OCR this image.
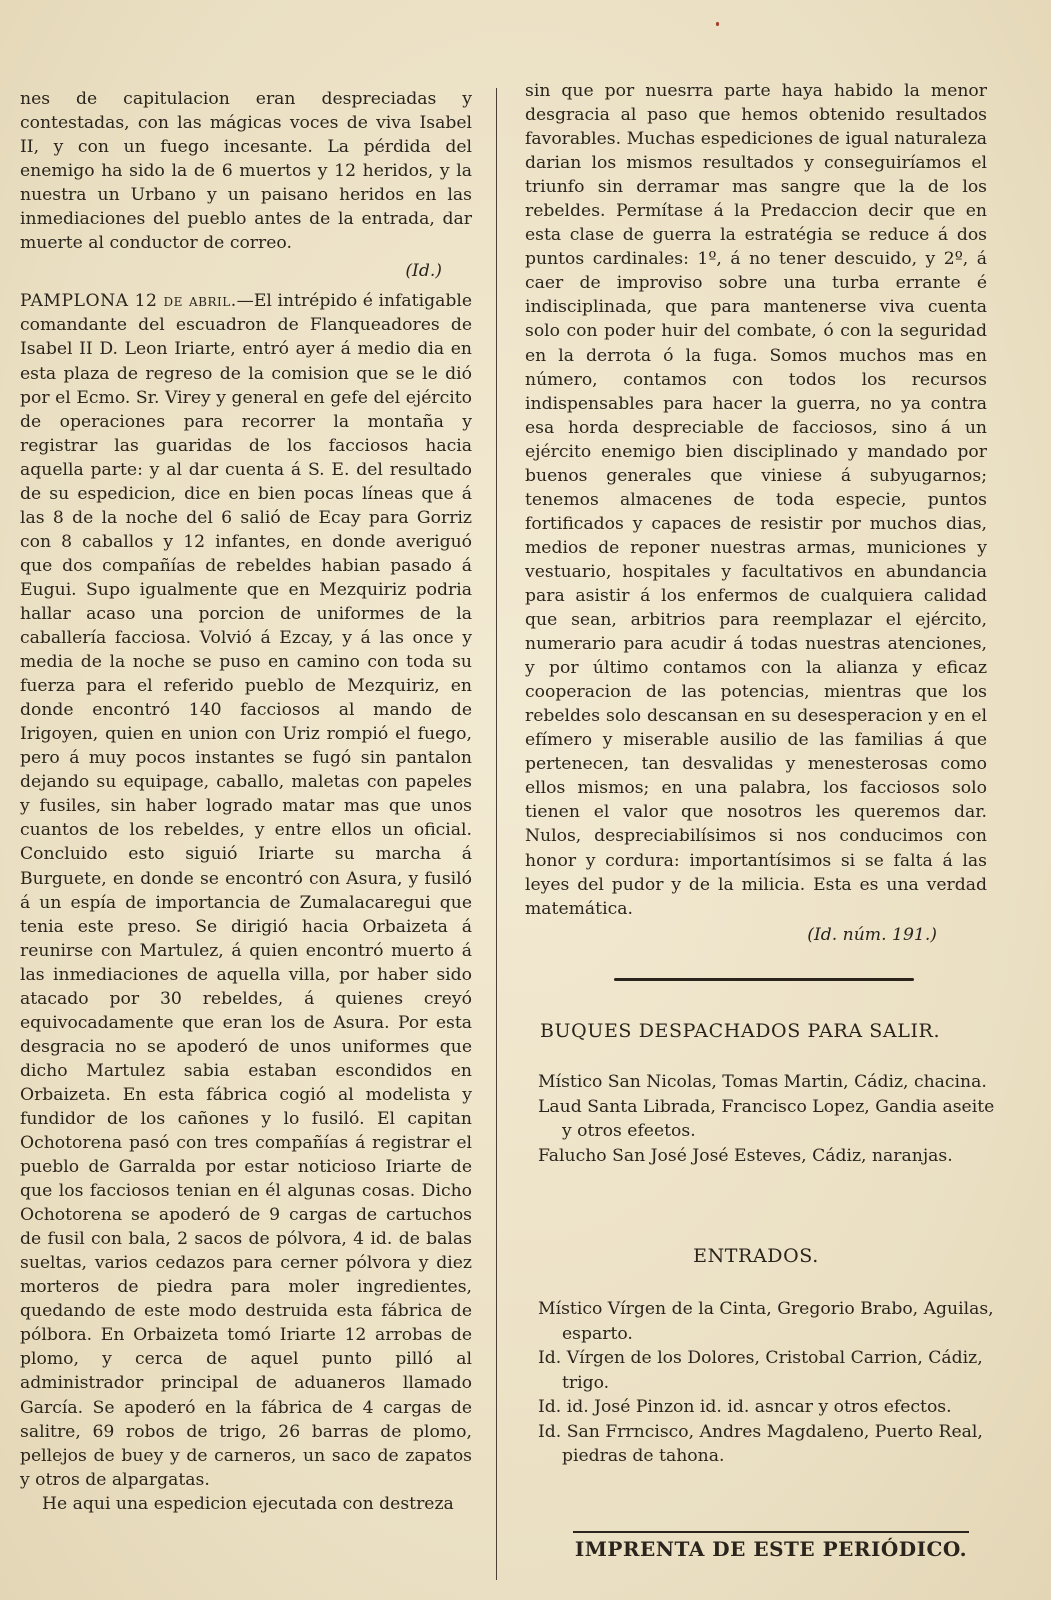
nes de capitulacion eran despreciadas y contestadas, con las mágicas voces de viva Isabel II, y con un fuego incesante. La pérdida del enemigo ha sido la de 6 muertos y 12 heridos, y la nuestra un Urbano y un paisano heridos en las inmediaciones del pueblo antes de la entrada, dar muerte al conductor de correo.

(Id.)

PAMPLONA 12 de abril.—El intrépido é infatigable comandante del escuadron de Flanqueadores de Isabel II D. Leon Iriarte, entró ayer á medio dia en esta plaza de regreso de la comision que se le dió por el Ecmo. Sr. Virey y general en gefe del ejército de operaciones para recorrer la montaña y registrar las guaridas de los facciosos hacia aquella parte: y al dar cuenta á S. E. del resultado de su espedicion, dice en bien pocas líneas que á las 8 de la noche del 6 salió de Ecay para Gorriz con 8 caballos y 12 infantes, en donde averiguó que dos compañías de rebeldes habian pasado á Eugui. Supo igualmente que en Mezquiriz podria hallar acaso una porcion de uniformes de la caballería facciosa. Volvió á Ezcay, y á las once y media de la noche se puso en camino con toda su fuerza para el referido pueblo de Mezquiriz, en donde encontró 140 facciosos al mando de Irigoyen, quien en union con Uriz rompió el fuego, pero á muy pocos instantes se fugó sin pantalon dejando su equipage, caballo, maletas con papeles y fusiles, sin haber logrado matar mas que unos cuantos de los rebeldes, y entre ellos un oficial. Concluido esto siguió Iriarte su marcha á Burguete, en donde se encontró con Asura, y fusiló á un espía de importancia de Zumalacaregui que tenia este preso. Se dirigió hacia Orbaizeta á reunirse con Martulez, á quien encontró muerto á las inmediaciones de aquella villa, por haber sido atacado por 30 rebeldes, á quienes creyó equivocadamente que eran los de Asura. Por esta desgracia no se apoderó de unos uniformes que dicho Martulez sabia estaban escondidos en Orbaizeta. En esta fábrica cogió al modelista y fundidor de los cañones y lo fusiló. El capitan Ochotorena pasó con tres compañías á registrar el pueblo de Garralda por estar noticioso Iriarte de que los facciosos tenian en él algunas cosas. Dicho Ochotorena se apoderó de 9 cargas de cartuchos de fusil con bala, 2 sacos de pólvora, 4 id. de balas sueltas, varios cedazos para cerner pólvora y diez morteros de piedra para moler ingredientes, quedando de este modo destruida esta fábrica de pólbora. En Orbaizeta tomó Iriarte 12 arrobas de plomo, y cerca de aquel punto pilló al administrador principal de aduaneros llamado García. Se apoderó en la fábrica de 4 cargas de salitre, 69 robos de trigo, 26 barras de plomo, pellejos de buey y de carneros, un saco de zapatos y otros de alpargatas.

He aqui una espedicion ejecutada con destreza

sin que por nuesrra parte haya habido la menor desgracia al paso que hemos obtenido resultados favorables. Muchas espediciones de igual naturaleza darian los mismos resultados y conseguiríamos el triunfo sin derramar mas sangre que la de los rebeldes. Permítase á la Predaccion decir que en esta clase de guerra la estratégia se reduce á dos puntos cardinales: 1º, á no tener descuido, y 2º, á caer de improviso sobre una turba errante é indisciplinada, que para mantenerse viva cuenta solo con poder huir del combate, ó con la seguridad en la derrota ó la fuga. Somos muchos mas en número, contamos con todos los recursos indispensables para hacer la guerra, no ya contra esa horda despreciable de facciosos, sino á un ejército enemigo bien disciplinado y mandado por buenos generales que viniese á subyugarnos; tenemos almacenes de toda especie, puntos fortificados y capaces de resistir por muchos dias, medios de reponer nuestras armas, municiones y vestuario, hospitales y facultativos en abundancia para asistir á los enfermos de cualquiera calidad que sean, arbitrios para reemplazar el ejército, numerario para acudir á todas nuestras atenciones, y por último contamos con la alianza y eficaz cooperacion de las potencias, mientras que los rebeldes solo descansan en su desesperacion y en el efímero y miserable ausilio de las familias á que pertenecen, tan desvalidas y menesterosas como ellos mismos; en una palabra, los facciosos solo tienen el valor que nosotros les queremos dar. Nulos, despreciabilísimos si nos conducimos con honor y cordura: importantísimos si se falta á las leyes del pudor y de la milicia. Esta es una verdad matemática.

(Id. núm. 191.)

BUQUES DESPACHADOS PARA SALIR.

Místico San Nicolas, Tomas Martin, Cádiz, chacina.

Laud Santa Librada, Francisco Lopez, Gandia aseite y otros efeetos.

Falucho San José José Esteves, Cádiz, naranjas.

ENTRADOS.

Místico Vírgen de la Cinta, Gregorio Brabo, Aguilas, esparto.

Id. Vírgen de los Dolores, Cristobal Carrion, Cádiz, trigo.

Id. id. José Pinzon id. id. asncar y otros efectos.

Id. San Frrncisco, Andres Magdaleno, Puerto Real, piedras de tahona.

IMPRENTA DE ESTE PERIÓDICO.
